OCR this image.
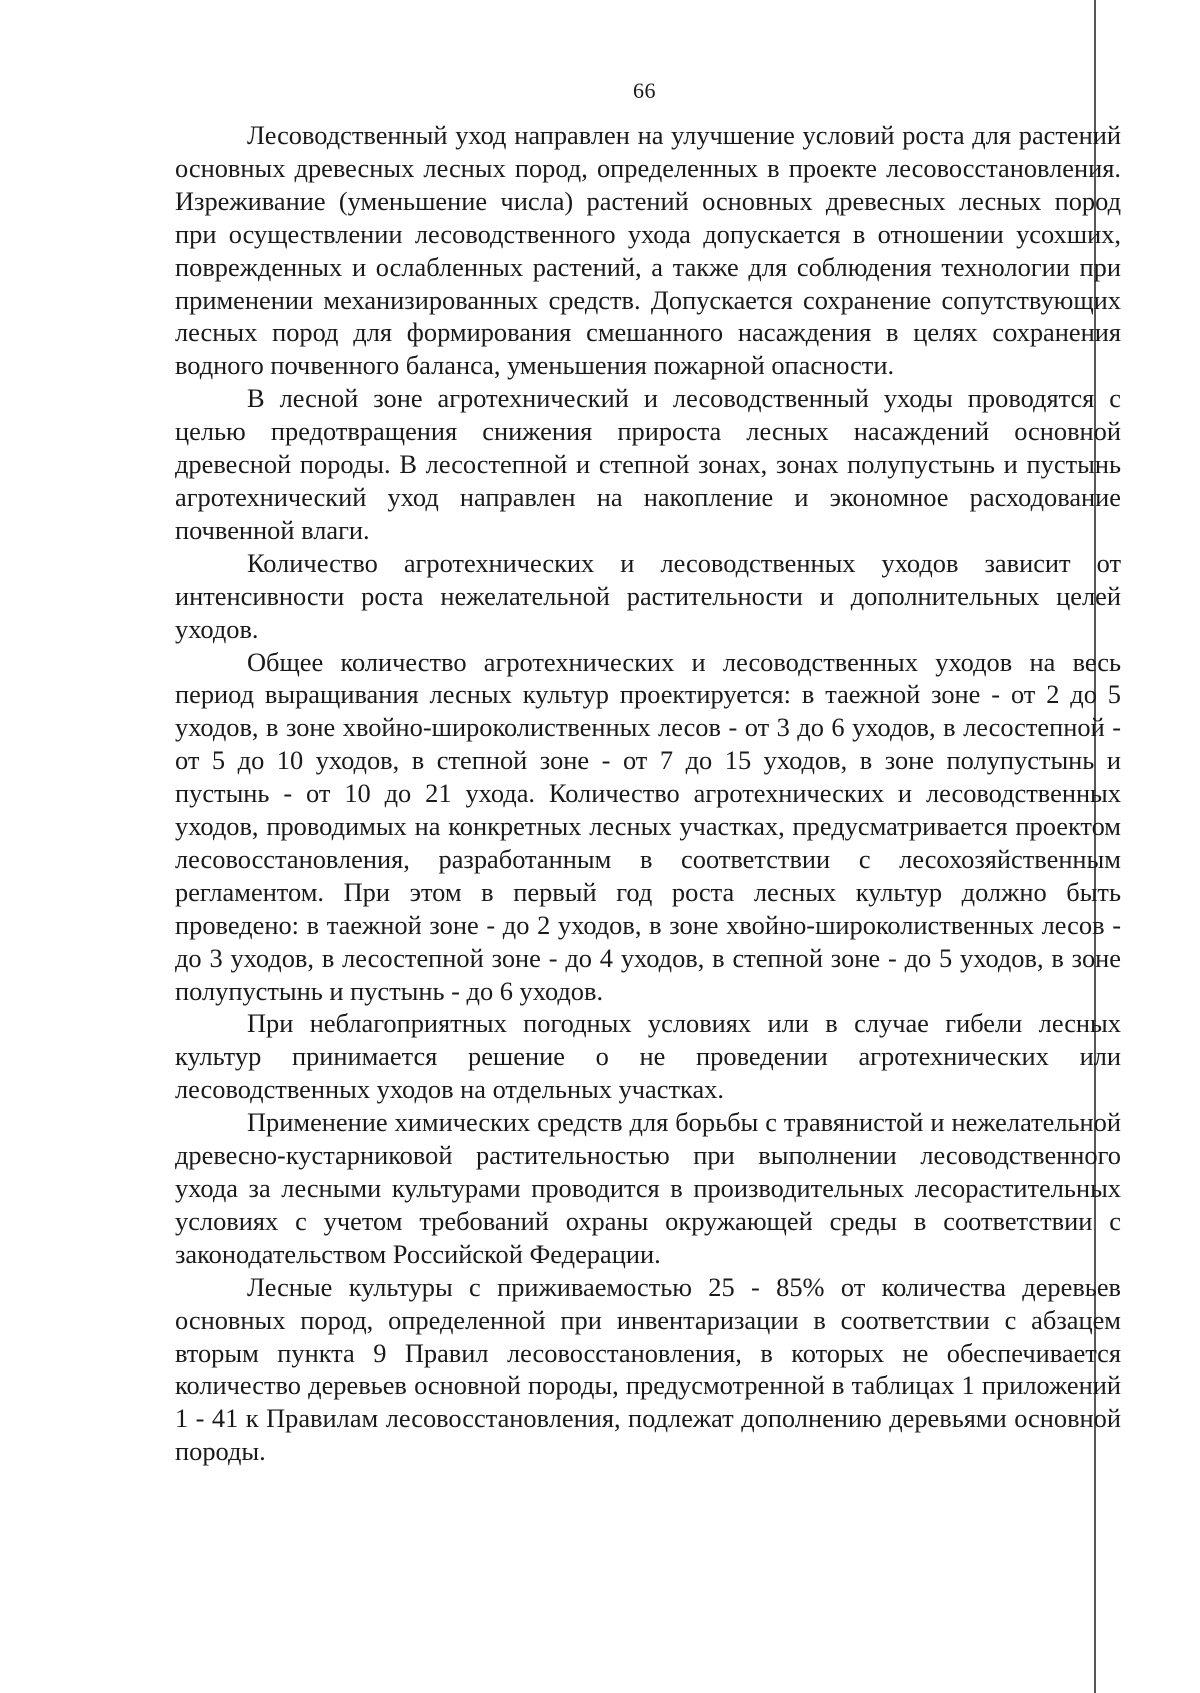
66

Лесоводственный уход направлен на улучшение условий роста для растений основных древесных лесных пород, определенных в проекте лесовосстановления. Изреживание (уменьшение числа) растений основных древесных лесных пород при осуществлении лесоводственного ухода допускается в отношении усохших, поврежденных и ослабленных растений, а также для соблюдения технологии при применении механизированных средств. Допускается сохранение сопутствующих лесных пород для формирования смешанного насаждения в целях сохранения водного почвенного баланса, уменьшения пожарной опасности.

В лесной зоне агротехнический и лесоводственный уходы проводятся с целью предотвращения снижения прироста лесных насаждений основной древесной породы. В лесостепной и степной зонах, зонах полупустынь и пустынь агротехнический уход направлен на накопление и экономное расходование почвенной влаги.

Количество агротехнических и лесоводственных уходов зависит от интенсивности роста нежелательной растительности и дополнительных целей уходов.

Общее количество агротехнических и лесоводственных уходов на весь период выращивания лесных культур проектируется: в таежной зоне - от 2 до 5 уходов, в зоне хвойно-широколиственных лесов - от 3 до 6 уходов, в лесостепной - от 5 до 10 уходов, в степной зоне - от 7 до 15 уходов, в зоне полупустынь и пустынь - от 10 до 21 ухода. Количество агротехнических и лесоводственных уходов, проводимых на конкретных лесных участках, предусматривается проектом лесовосстановления, разработанным в соответствии с лесохозяйственным регламентом. При этом в первый год роста лесных культур должно быть проведено: в таежной зоне - до 2 уходов, в зоне хвойно-широколиственных лесов - до 3 уходов, в лесостепной зоне - до 4 уходов, в степной зоне - до 5 уходов, в зоне полупустынь и пустынь - до 6 уходов.

При неблагоприятных погодных условиях или в случае гибели лесных культур принимается решение о не проведении агротехнических или лесоводственных уходов на отдельных участках.

Применение химических средств для борьбы с травянистой и нежелательной древесно-кустарниковой растительностью при выполнении лесоводственного ухода за лесными культурами проводится в производительных лесорастительных условиях с учетом требований охраны окружающей среды в соответствии с законодательством Российской Федерации.

Лесные культуры с приживаемостью 25 - 85% от количества деревьев основных пород, определенной при инвентаризации в соответствии с абзацем вторым пункта 9 Правил лесовосстановления, в которых не обеспечивается количество деревьев основной породы, предусмотренной в таблицах 1 приложений 1 - 41 к Правилам лесовосстановления, подлежат дополнению деревьями основной породы.
